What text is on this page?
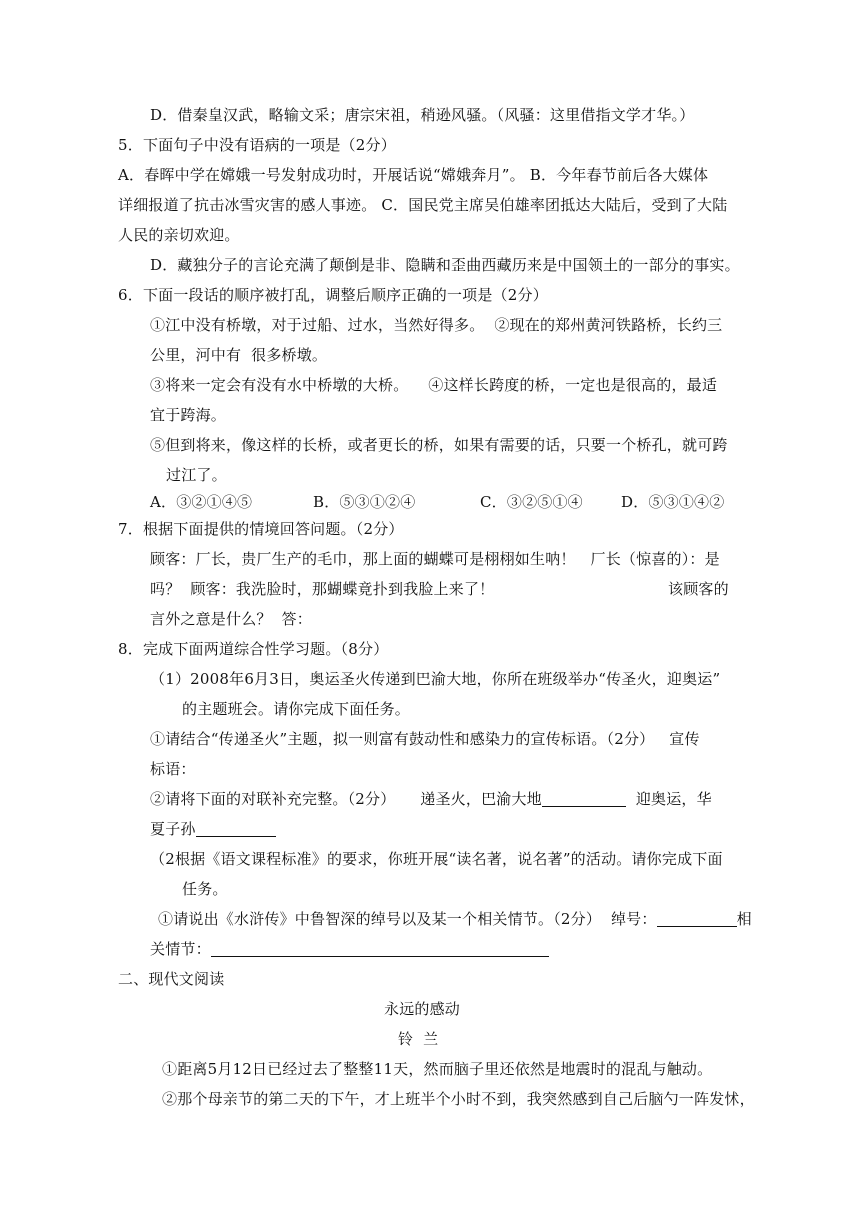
D．借秦皇汉武，略输文采；唐宗宋祖，稍逊风骚。（风骚：这里借指文学才华。）
5．下面句子中没有语病的一项是（2分）
A．春晖中学在嫦娥一号发射成功时，开展话说“嫦娥奔月”。 B．今年春节前后各大媒体
详细报道了抗击冰雪灾害的感人事迹。 C．国民党主席吴伯雄率团抵达大陆后，受到了大陆
人民的亲切欢迎。
D．藏独分子的言论充满了颠倒是非、隐瞒和歪曲西藏历来是中国领土的一部分的事实。
6．下面一段话的顺序被打乱，调整后顺序正确的一项是（2分）
①江中没有桥墩，对于过船、过水，当然好得多。  ②现在的郑州黄河铁路桥，长约三
公里，河中有  很多桥墩。
③将来一定会有没有水中桥墩的大桥。    ④这样长跨度的桥，一定也是很高的，最适
宜于跨海。
⑤但到将来，像这样的长桥，或者更长的桥，如果有需要的话，只要一个桥孔，就可跨
过江了。
A．③②①④⑤	B．⑤③①②④	C．③②⑤①④	D．⑤③①④②
7．根据下面提供的情境回答问题。（2分）
顾客：厂长，贵厂生产的毛巾，那上面的蝴蝶可是栩栩如生呐！   厂长（惊喜的）：是
吗？  顾客：我洗脸时，那蝴蝶竟扑到我脸上来了！	该顾客的
言外之意是什么？  答：
8．完成下面两道综合性学习题。（8分）
（1）2008年6月3日，奥运圣火传递到巴渝大地，你所在班级举办“传圣火，迎奥运”
的主题班会。请你完成下面任务。
①请结合“传递圣火”主题，拟一则富有鼓动性和感染力的宣传标语。（2分）   宣传
标语：
②请将下面的对联补充完整。（2分）     递圣火，巴渝大地	迎奥运，华
夏子孙
（2根据《语文课程标准》的要求，你班开展“读名著，说名著”的活动。请你完成下面
任务。
①请说出《水浒传》中鲁智深的绰号以及某一个相关情节。（2分）  绰号：	相
关情节：
二、现代文阅读
永远的感动
铃  兰
①距离5月12日已经过去了整整11天，然而脑子里还依然是地震时的混乱与触动。
②那个母亲节的第二天的下午，才上班半个小时不到，我突然感到自己后脑勺一阵发怵，
